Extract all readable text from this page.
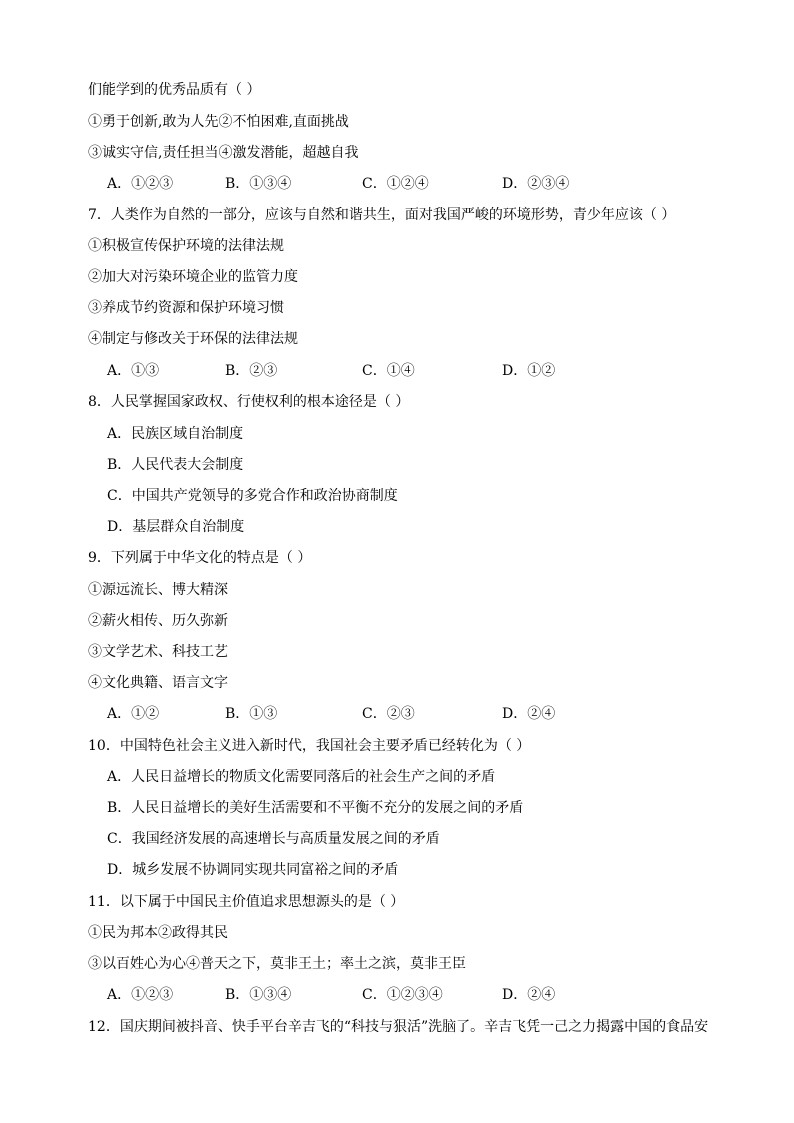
们能学到的优秀品质有（ ）
①勇于创新,敢为人先②不怕困难,直面挑战
③诚实守信,责任担当④激发潜能，超越自我
A．①②③	B．①③④	C．①②④	D．②③④
7．人类作为自然的一部分，应该与自然和谐共生，面对我国严峻的环境形势，青少年应该（ ）
①积极宣传保护环境的法律法规
②加大对污染环境企业的监管力度
③养成节约资源和保护环境习惯
④制定与修改关于环保的法律法规
A．①③	B．②③	C．①④	D．①②
8．人民掌握国家政权、行使权利的根本途径是（ ）
A．民族区域自治制度
B．人民代表大会制度
C．中国共产党领导的多党合作和政治协商制度
D．基层群众自治制度
9．下列属于中华文化的特点是（ ）
①源远流长、博大精深
②薪火相传、历久弥新
③文学艺术、科技工艺
④文化典籍、语言文字
A．①②	B．①③	C．②③	D．②④
10．中国特色社会主义进入新时代，我国社会主要矛盾已经转化为（ ）
A．人民日益增长的物质文化需要同落后的社会生产之间的矛盾
B．人民日益增长的美好生活需要和不平衡不充分的发展之间的矛盾
C．我国经济发展的高速增长与高质量发展之间的矛盾
D．城乡发展不协调同实现共同富裕之间的矛盾
11．以下属于中国民主价值追求思想源头的是（ ）
①民为邦本②政得其民
③以百姓心为心④普天之下，莫非王土；率土之滨，莫非王臣
A．①②③	B．①③④	C．①②③④	D．②④
12．国庆期间被抖音、快手平台辛吉飞的“科技与狠活”洗脑了。辛吉飞凭一己之力揭露中国的食品安
